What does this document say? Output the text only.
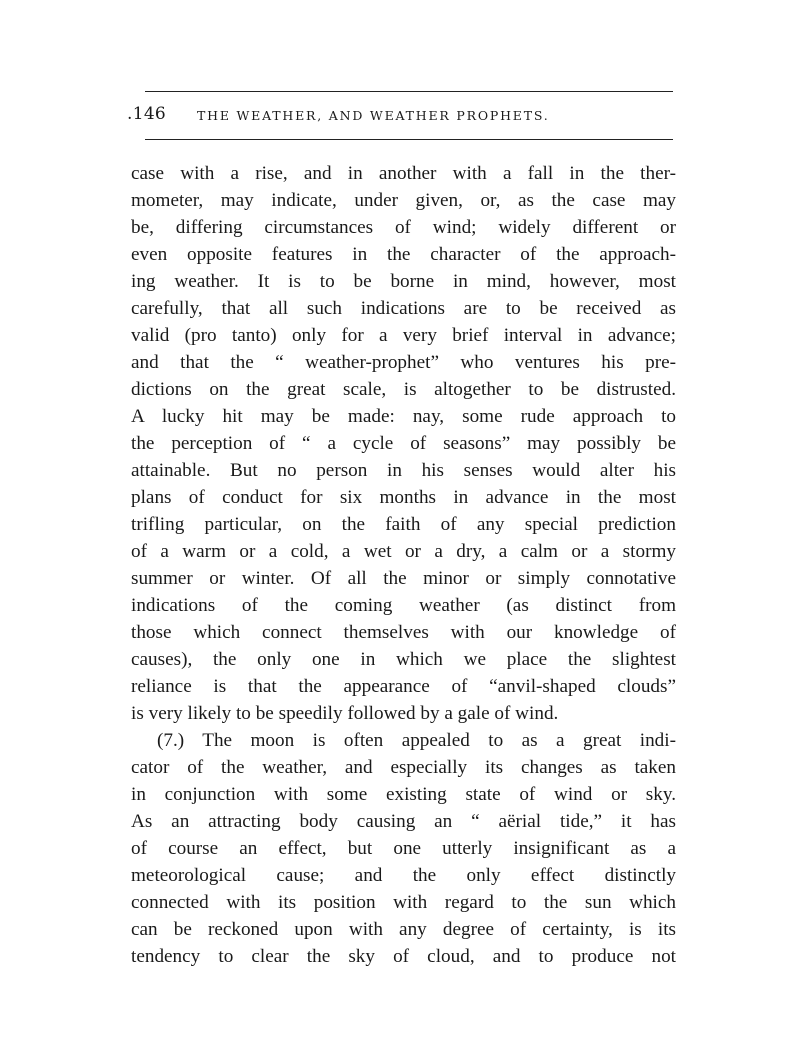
.146 THE WEATHER, AND WEATHER PROPHETS.
case with a rise, and in another with a fall in the ther-
mometer, may indicate, under given, or, as the case may
be, differing circumstances of wind; widely different or
even opposite features in the character of the approach-
ing weather. It is to be borne in mind, however, most
carefully, that all such indications are to be received as
valid (pro tanto) only for a very brief interval in advance;
and that the “ weather-prophet” who ventures his pre-
dictions on the great scale, is altogether to be distrusted.
A lucky hit may be made: nay, some rude approach to
the perception of “ a cycle of seasons” may possibly be
attainable. But no person in his senses would alter his
plans of conduct for six months in advance in the most
trifling particular, on the faith of any special prediction
of a warm or a cold, a wet or a dry, a calm or a stormy
summer or winter. Of all the minor or simply connotative
indications of the coming weather (as distinct from
those which connect themselves with our knowledge of
causes), the only one in which we place the slightest
reliance is that the appearance of “anvil-shaped clouds”
is very likely to be speedily followed by a gale of wind.
(7.) The moon is often appealed to as a great indi-
cator of the weather, and especially its changes as taken
in conjunction with some existing state of wind or sky.
As an attracting body causing an “ aërial tide,” it has
of course an effect, but one utterly insignificant as a
meteorological cause; and the only effect distinctly
connected with its position with regard to the sun which
can be reckoned upon with any degree of certainty, is its
tendency to clear the sky of cloud, and to produce not
